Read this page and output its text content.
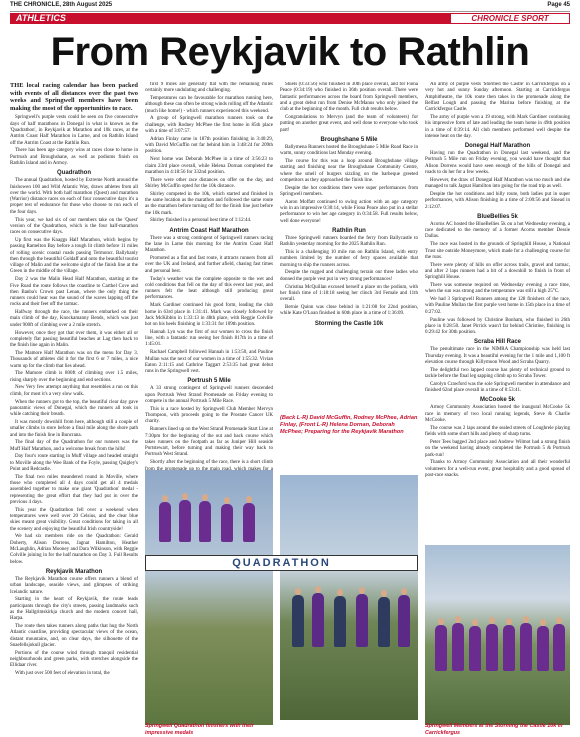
THE CHRONICLE, 28th August 2025	Page 45
ATHLETICS	CHRONICLE SPORT
From Reykjavik to Rathlin

THE local racing calendar has been packed with events of all distances over the past two weeks and Springwell members have been making the most of the opportunities to race.

Springwell's purple vests could be seen on five consecutive days of half marathons in Donegal in what is known as the 'Quadrathon', in Reykjavik at Marathon and 10k races, at the Antrim Coast Half Marathon in Larne, and on Rathlin Island off the Antrim Coast at the Rathlin Run.

There has been age category wins at races close to home in Portrush and Broughshane, as well as podiums finish on Rathlin Island and in Armoy.

Quadrathon

The annual Quadrathon, hosted by Extreme North around the Inishowen 100 and Wild Atlantic Way, draws athletes from all over the world. With both half marathon (Quest) and marathon (Warrior) distance races on each of four consecutive days it's a proper test of endurance for those who choose to run each of the four days.

This year, we had six of our members take on the 'Quest' version of the Quadrathon, which is the four half-marathon races on consecutive days.

Up first was the Knaggs Half Marathon, which begins by passing Ramelton Bay before a tough lit climb before 11 miles of rolling scenic coastal roads passing Termoncr. Ballyhanly then through the beautiful Goldaff and onto the beautiful tourist village of Malin and the welcome sight of the finish line at the Green in the middle of the village.

Day 2 was the Malin Head Half Marathon, starting at the Five Road the route follows the coastline to Carthel Cove and then Banba's Crown past Lenan, where the only thing the runners could hear was the sound of the waves lapping off the rocks and their feet off the tarmac.

Halfway through the race, the runners embarked on their main climb of the day, Knockamanny Bends, which was just under 900ft of climbing over a 2 mile stretch.

However, once they got that over them, it was either all or completely flat passing beautiful beaches at Lag then back to the finish line again in Malin.

The Mamore Half Marathon was on the menu for Day 3. Thousands of athletes did it for the first 6 or 7 miles, a nice warm up for the climb that lies ahead.

The Mamore climb is 800ft of climbing over 1.5 miles, rising sharply over the beginning and end sections.

New Very few attempt anything that resembles a run on this climb, for most it's a very slow walk.

When the runners got to the top, the beautiful clear day gave panoramic views of Donegal, which the runners all took in while catching their breath.

It was mostly downhill from here, although still a couple of smaller climbs in store before a final mile along the shore path and into the finish line in Buncrana.

The final day of the Quadrathon for our runners was the Muff Half Marathon, and a welcome break from the hills!

Day four's route starting in Muff village and headed straight to Moville along the Wee Bank of the Foyle, passing Quigley's Point and Redcastle.

The final two miles meandered round in Moville, where those who completed all 4 days could get all 4 medals assembled together to make one giant 'Quadrathon' medal - representing the great effort that they had put in over the previous 4 days.

This year the Quadrathon fell over a weekend when temperatures were well over 20 Celsius, and the clear blue skies meant great visibility. Great conditions for taking in all the scenery and enjoying the beautiful Irish countryside!

We had six members ride on the Quadrathon: Gerald Doherty, Alison Dorrens, Jagnat Hamilton, Heather McLaughlin, Adrian Mooney and Dara Wilkinson, with Reggie Colville joining in for the half marathon on Day 3. Full Results below.

Reykjavik Marathon

The Reykjavik Marathon course offers runners a blend of urban landscape, seaside views, and glimpses of striking Icelandic nature.

Starting in the heart of Reykjavik, the route leads participants through the city's streets, passing landmarks such as the Hallgrimskirkja church and the modern concert hall, Harpa.

The route then takes runners along paths that hug the North Atlantic coastline, providing spectacular views of the ocean, distant mountains, and, on clear days, the silhouette of the Snaefellsjokull glacier.

Portions of the course wind through tranquil residential neighbourhoods and green parks, with stretches alongside the Ellidaar river.

With just over 500 feet of elevation in total, the

first 9 miles are generally flat with the remaining miles certainly more undulating and challenging.

Temperatures can be favourable for marathon running here, although these can often be strong winds rolling off the Atlantic (much like home!) - which runners experienced this weekend.

A group of Springwell marathon runners took on the challenge, with Rodney McPhee the first home in 85th place with a time of 3:07:57.

Adrian Finlay came in 187th position finishing in 3:40:29, with David McGuffin not far behind him in 3:48:24 for 209th position.

Next home was Deborah McPhee in a time of 3:56:23 to claim 23rd place overall, while Helena Dornan completed the marathon in 4:18:56 for 332nd position.

There were other race distances on offer on the day, and Shirley McGuffin opted for the 10k distance.

Shirley competed in the 10k, which started and finished in the same location as the marathon and followed the same route as the marathon before turning off for the finish line just before the 10k mark.

Shirley finished in a personal best time of 1:12:44.

Antrim Coast Half Marathon

There was a strong contingent of Springwell runners racing the lane in Larne this morning for the Antrim Coast Half Marathon.

Promoted as a flat and fast route, it attracts runners from all over the UK and Ireland, and further afield, chasing fast times and personal best.

Today's weather was the complete opposite to the wet and cold conditions that fell on the day of this event last year, and runners felt the heat although still producing great performances.

Mark Gardiner continued his good form, leading the club home in 63rd place in 1:31:41. Mark was closely followed by Jack McKibbin in 1:33:13 in 48th place, with Reggie Colville hot on his heels finishing in 1:33:31 for 109th position.

Hannah Lyn was the first of our women to cross the finish line, with a fantastic run seeing her finish 817th in a time of 1:45:01.

Rachael Campbell followed Hannah in 1:53:50, and Pauline Mullan was the next of our women in a time of 1:55:32. Vivian Eaton 2:11:15 and Cathrine Taggart 2:53:35 had great debut runs in the Springwell vest.

Portrush 5 Mile

A 33 strong contingent of Springwell runners descended upon Portrush West Strand Promenade on Friday evening to compete in the annual Portrush 5 Mile Race.

This is a race hosted by Springwell Club Member Mervyn Thompson, with proceeds going to the Prostate Cancer UK charity.

Runners lined up on the West Strand Promenade Start Line at 7:30pm for the beginning of the out and back course which takes runners on the footpath as far as Juniper Hill seaside Portstewart, before turning and making their way back to Portrush West Strand.

Shortly after the beginning of the race, there is a short climb

Shiels (0:33:56) who finished in 30th place overall, and for Fiona Peace (0:34:19) who finished in 36th position overall. There were fantastic performances across the board from Springwell members, and a great debut run from Denise McManus who only joined the club at the beginning of the month. Full club results below.

Congratulations to Mervyn (and the team of volunteers) for putting on another great event, and well done to everyone who took part!

Broughshane 5 Mile

Ballymena Runners hosted the Broughshane 5 Mile Road Race in warm, sunny conditions last Monday evening.

The course for this was a loop around Broughshane village starting and finishing near the Broughshane Community Centre, where the smell of burgers sizzling on the barbeque greeted competitors as they approached the finish line.

Despite the hot conditions there were super performances from Springwell members.

Aaron Moffatt continued to swing action with an age category win in an impressive 0:30:14, while Fiona Peace also put in a stellar performance to win her age category in 0:34:58. Full results below, well done everyone!

Rathlin Run

Three Springwell runners boarded the ferry from Ballycastle to Rathlin yesterday morning for the 2025 Rathlin Run.

This is a challenging 10 mile run on Rathlin Island, with entry numbers limited by the number of ferry spaces available that morning to ship the runners across.

Despite the rugged and challenging terrain our three ladies who donned the purple vest put in very strong performances!

Christina McQuillan excused herself a place on the podium, with her finish time of 1:18:18 seeing her clinch 3rd Female and 11th overall.

Bernie Quinn was close behind in 1:21:08 for 22nd position, while Kate O'Loan finished in 60th place in a time of 1:36:09.

Storming the Castle 10k

(Back L-R) David McGuffin, Rodney McPhee, Adrian Finlay, (Front L-R) Helena Dornan, Deborah McPhee; Preparing for the Reykjavik Marathon

An army of purple vests 'Stormed the Castle' in Carrickfergus on a very hot and sunny Sunday afternoon. Starting at Carrickfergus Amphitheatre, the 10k route then takes in the promenade along the Belfast Lough and passing the Marina before finishing at the Carrickfergus Castle.

The army of purple won a 19 strong, with Mark Gardiner continuing his impressive form of late and leading the team home in 49th position in a time of 0:39:14. All club members performed well despite the intense heat on the day.

Donegal Half Marathon

Having run the Quadrathon in Donegal last weekend, and the Portrush 5 Mile run on Friday evening, you would have thought that Alison Dorrens would have seen enough of the hills of Donegal and roads to do her for a few weeks.

However, the draw of Donegal Half Marathon was too much and she managed to talk Jagnat Hamilton into going for the road trip as well.

Despite the hot conditions and hilly route, both ladies put in super performances, with Alison finishing in a time of 2:00:56 and Sinead in 2:12:07.

BlueBellies 5k

Acorns AC hosted the BlueBellies 5k on a hot Wednesday evening, a race dedicated to the memory of a former Acorns member Dessie Dallas.

The race was hosted in the grounds of Springhill House, a National Trust site outside Moneymore, which made for a challenging course for the runs.

There were plenty of hills on offer across trails, gravel and tarmac, and after 2 laps runners had a bit of a downhill to finish in front of Springhill House.

There was someone required on Wednesday evening a race time, when the sun was strong and the temperature was still a high 25°C.

We had 3 Springwell Runners among the 128 finishers of the race, with Pauline Mullan the first purple vest home in 15th place in a time of 0:27:02.

Pauline was followed by Christine Bonham, who finished in 26th place in 0:28:50. Janet Pirrick wasn't far behind Christine, finishing in 0:29:42 for 30th position.

Scraba Hill Race

The penultimate race in the NIMRA Championship was held last Thursday evening. It was a beautiful evening for the 1 mile and 1,100 ft elevation course through Killymoon Wood and Scraba Quarry.

The delightful two lapped course has plenty of technical ground to tackle before the final leg sapping climb up to Scraba Tower.

Carolyn Crawford was the sole Springwell member in attendance and finished 62nd place overall in a time of 0:53:41.

McCooke 5k

Armoy Community Association hosted the inaugural McCooke 5k race in memory of two local running legends, Steve & Charlie McCooke.

The course was 2 laps around the sealed streets of Loughrele playing fields with some short hills and plenty of sharp turns.

Peter Tees bagged 2nd place and Andrew Wilmot had a strong finish on the weekend having already completed the Portrush 5 & Portrush park-run!

Thanks to Armoy Community Association and all their wonderful volunteers for a well-run event, great hospitality and a good spread of post-race snacks.

QUADRATHON
Springwell Quadrathon finishers with their impressive medals
Springwell Members at the Storming the Castle 10k in Carrickfergus
